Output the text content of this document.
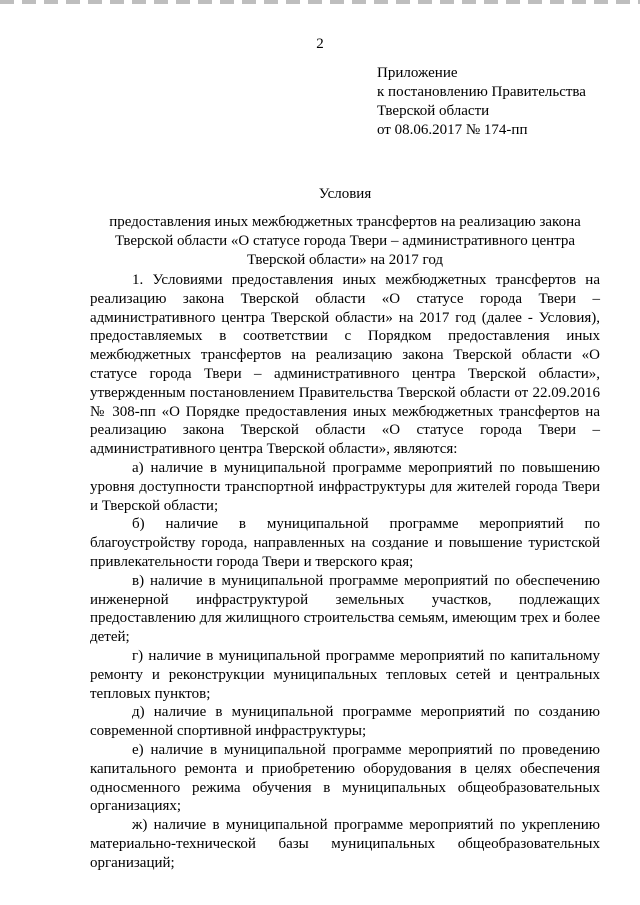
2
Приложение
к постановлению Правительства
Тверской области
от 08.06.2017 № 174-пп
Условия
предоставления иных межбюджетных трансфертов на реализацию закона
Тверской области «О статусе города Твери – административного центра
Тверской области» на 2017 год

1. Условиями предоставления иных межбюджетных трансфертов на реализацию закона Тверской области «О статусе города Твери – административного центра Тверской области» на 2017 год (далее - Условия), предоставляемых в соответствии с Порядком предоставления иных межбюджетных трансфертов на реализацию закона Тверской области «О статусе города Твери – административного центра Тверской области», утвержденным постановлением Правительства Тверской области от 22.09.2016 № 308-пп «О Порядке предоставления иных межбюджетных трансфертов на реализацию закона Тверской области «О статусе города Твери – административного центра Тверской области», являются:

а) наличие в муниципальной программе мероприятий по повышению уровня доступности транспортной инфраструктуры для жителей города Твери и Тверской области;

б) наличие в муниципальной программе мероприятий по благоустройству города, направленных на создание и повышение туристской привлекательности города Твери и тверского края;

в) наличие в муниципальной программе мероприятий по обеспечению инженерной инфраструктурой земельных участков, подлежащих предоставлению для жилищного строительства семьям, имеющим трех и более детей;

г) наличие в муниципальной программе мероприятий по капитальному ремонту и реконструкции муниципальных тепловых сетей и центральных тепловых пунктов;

д) наличие в муниципальной программе мероприятий по созданию современной спортивной инфраструктуры;

е) наличие в муниципальной программе мероприятий по проведению капитального ремонта и приобретению оборудования в целях обеспечения односменного режима обучения в муниципальных общеобразовательных организациях;

ж) наличие в муниципальной программе мероприятий по укреплению материально-технической базы муниципальных общеобразовательных организаций;
